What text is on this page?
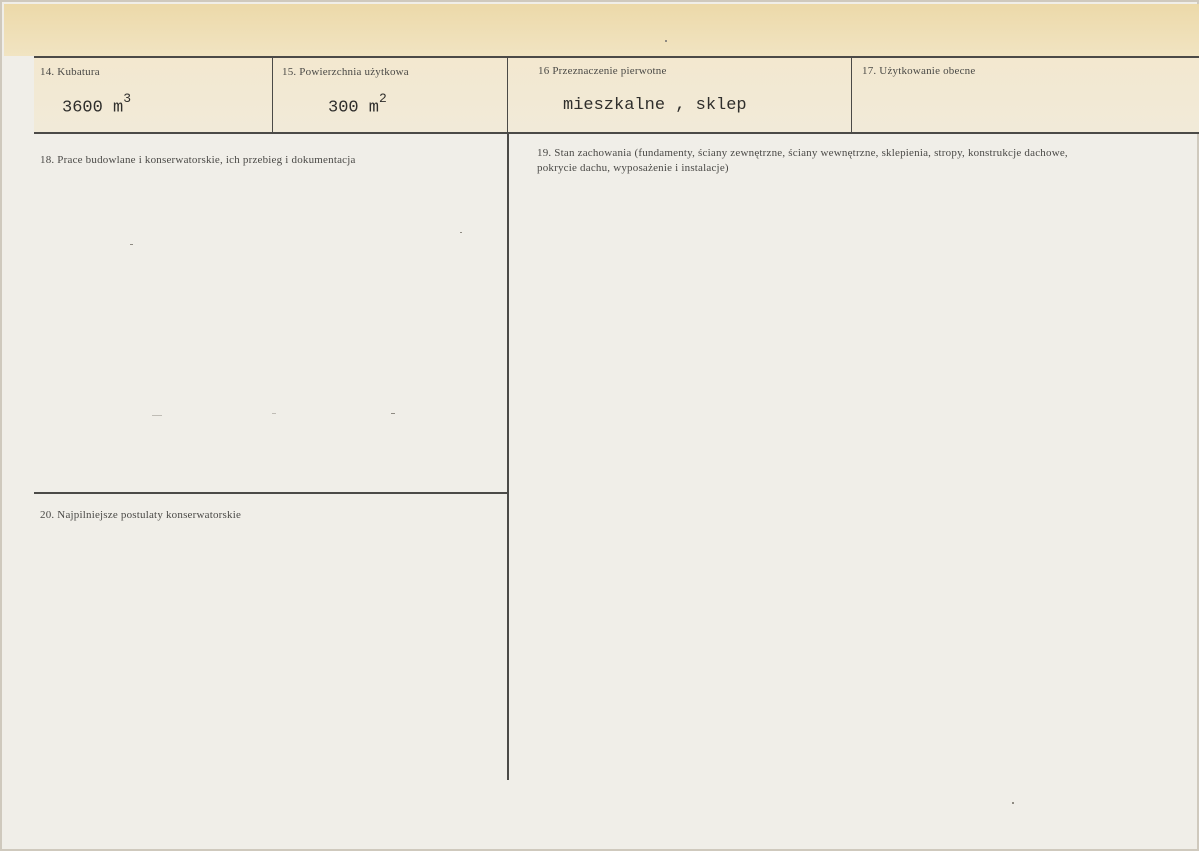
14. Kubatura
3600 $m^3$
15. Powierzchnia użytkowa
300 $m^2$
16 Przeznaczenie pierwotne
mieszkalne , sklep
17. Użytkowanie obecne
18. Prace budowlane i konserwatorskie, ich przebieg i dokumentacja
19. Stan zachowania (fundamenty, ściany zewnętrzne, ściany wewnętrzne, sklepienia, stropy, konstrukcje dachowe, pokrycie dachu, wyposażenie i instalacje)
20. Najpilniejsze postulaty konserwatorskie
